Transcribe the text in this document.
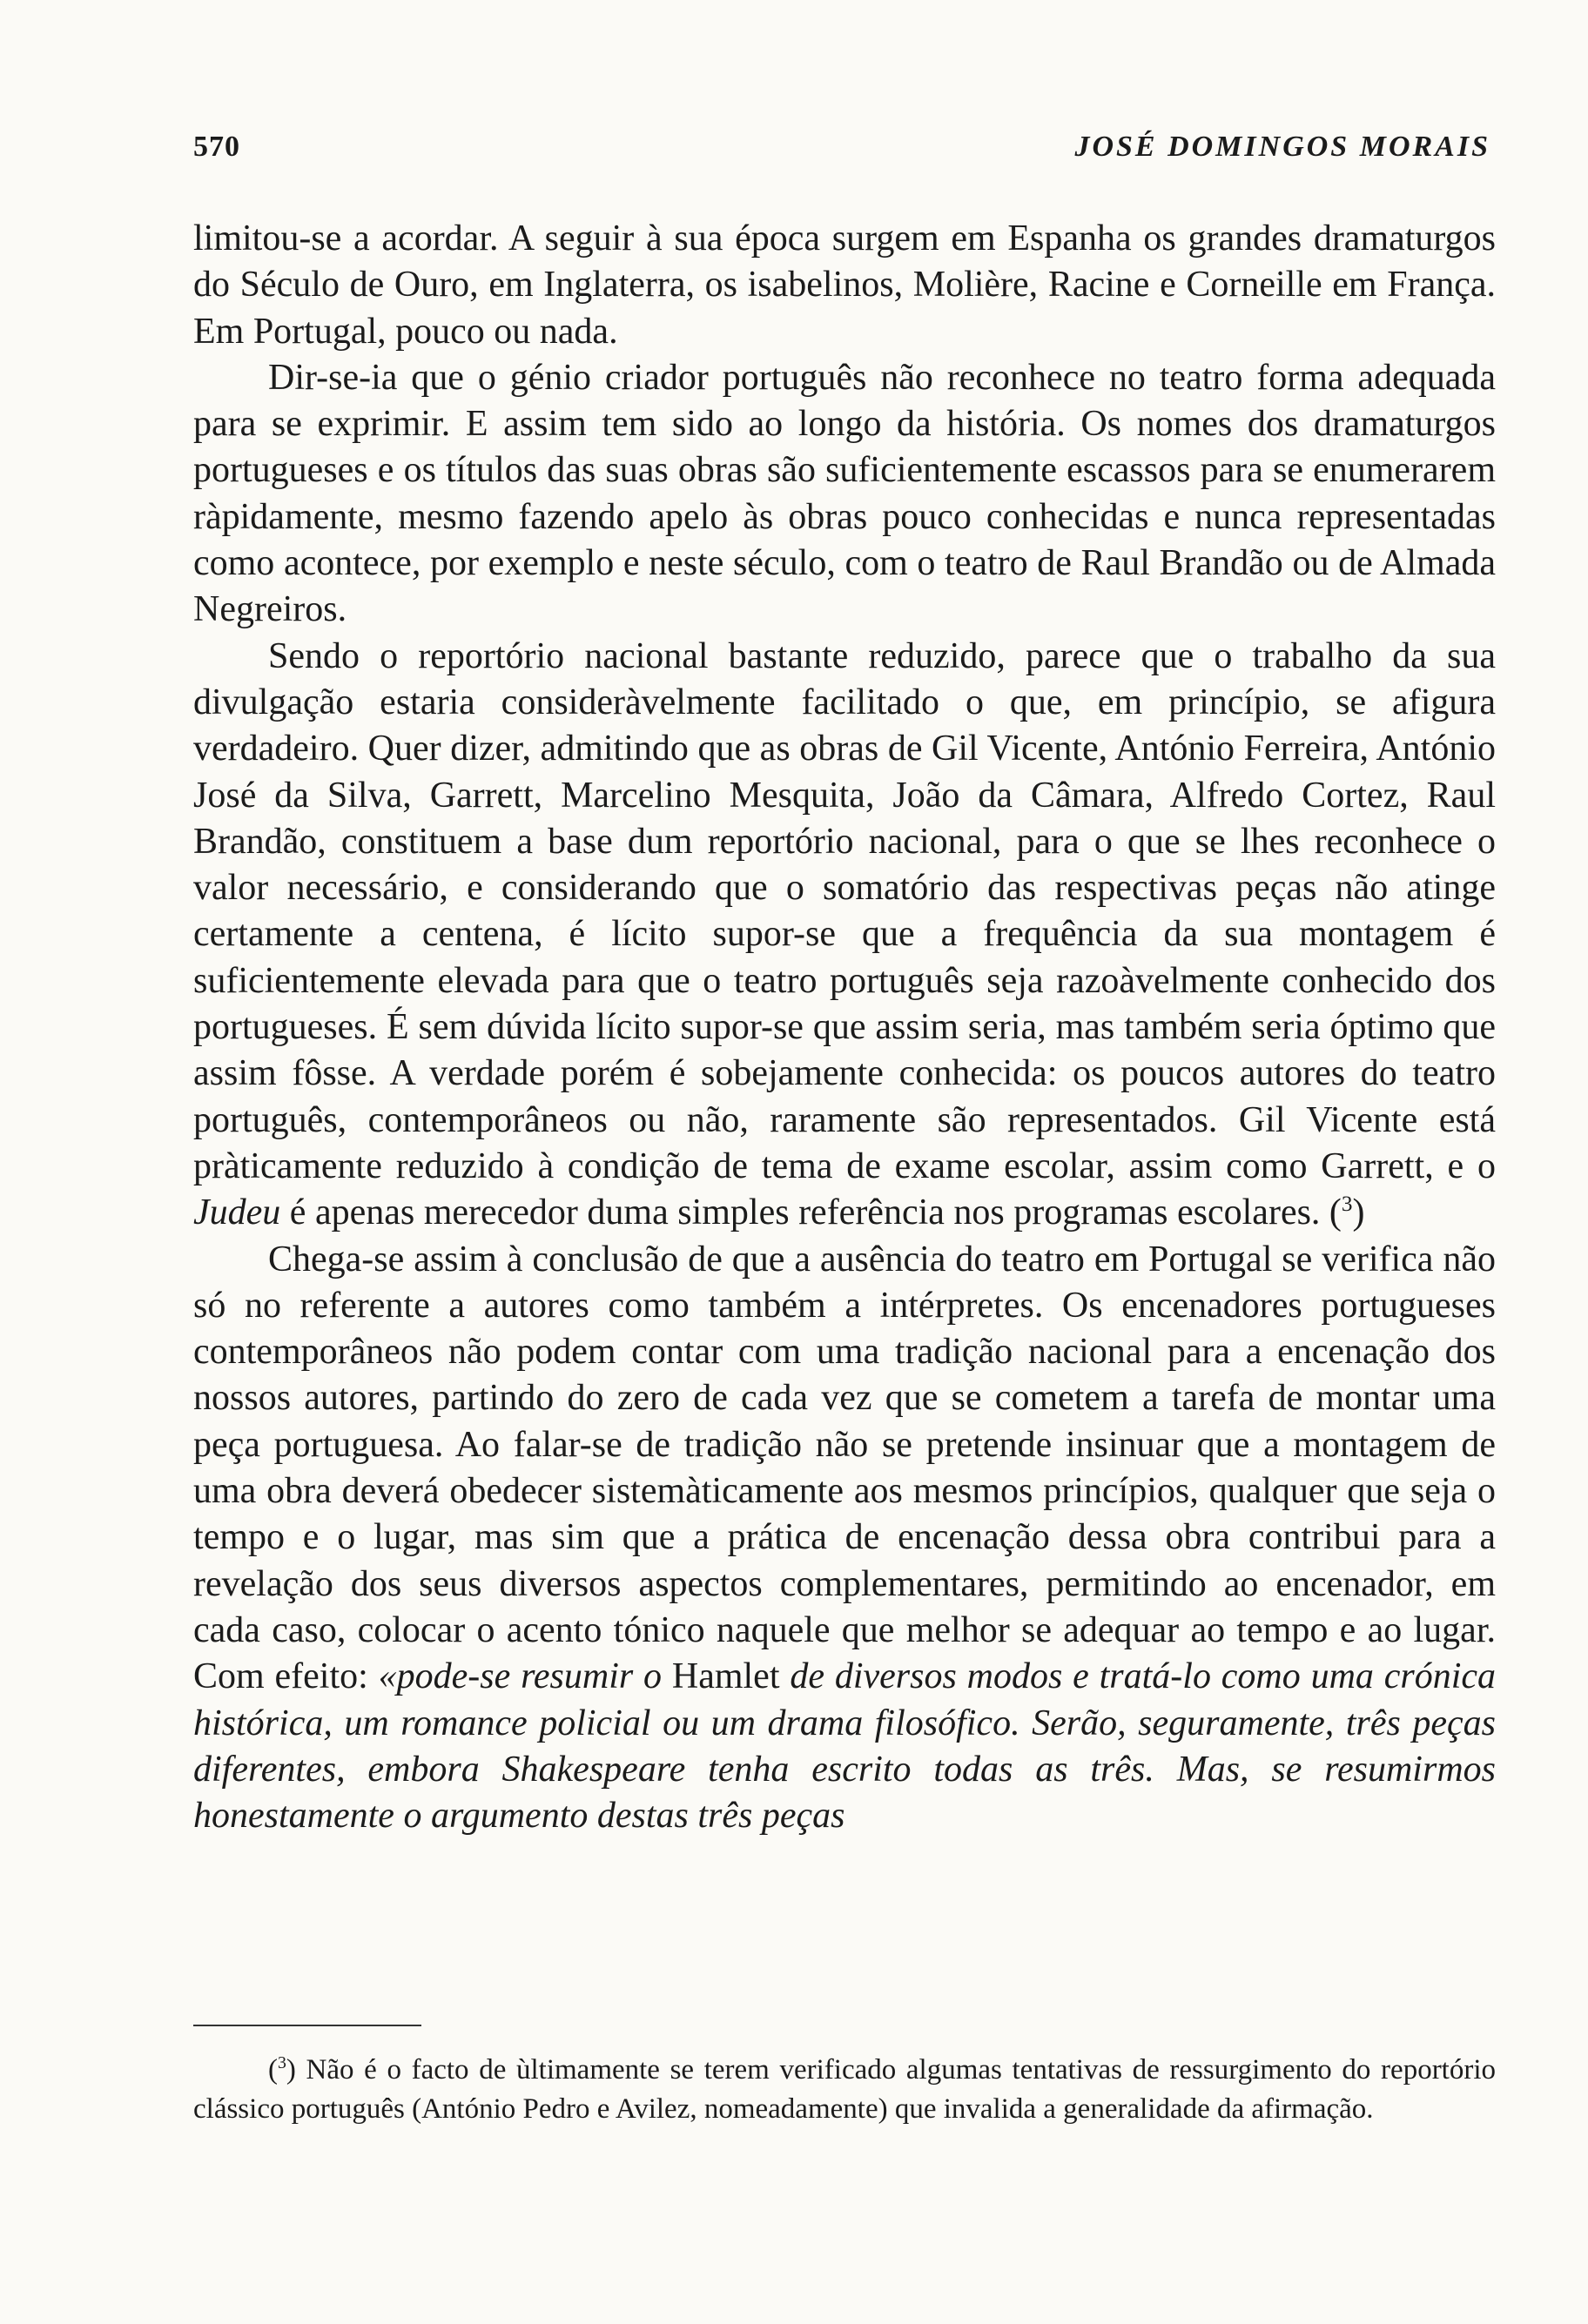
570	JOSÉ DOMINGOS MORAIS

limitou-se a acordar. A seguir à sua época surgem em Espanha os grandes dramaturgos do Século de Ouro, em Inglaterra, os isabelinos, Molière, Racine e Corneille em França. Em Portugal, pouco ou nada.

Dir-se-ia que o génio criador português não reconhece no teatro forma adequada para se exprimir. E assim tem sido ao longo da história. Os nomes dos dramaturgos portugueses e os títulos das suas obras são suficientemente escassos para se enumerarem ràpidamente, mesmo fazendo apelo às obras pouco conhecidas e nunca representadas como acontece, por exemplo e neste século, com o teatro de Raul Brandão ou de Almada Negreiros.

Sendo o reportório nacional bastante reduzido, parece que o trabalho da sua divulgação estaria consideràvelmente facilitado o que, em princípio, se afigura verdadeiro. Quer dizer, admitindo que as obras de Gil Vicente, António Ferreira, António José da Silva, Garrett, Marcelino Mesquita, João da Câmara, Alfredo Cortez, Raul Brandão, constituem a base dum reportório nacional, para o que se lhes reconhece o valor necessário, e considerando que o somatório das respectivas peças não atinge certamente a centena, é lícito supor-se que a frequência da sua montagem é suficientemente elevada para que o teatro português seja razoàvelmente conhecido dos portugueses. É sem dúvida lícito supor-se que assim seria, mas também seria óptimo que assim fôsse. A verdade porém é sobejamente conhecida: os poucos autores do teatro português, contemporâneos ou não, raramente são representados. Gil Vicente está pràticamente reduzido à condição de tema de exame escolar, assim como Garrett, e o Judeu é apenas merecedor duma simples referência nos programas escolares. ($^3$)

Chega-se assim à conclusão de que a ausência do teatro em Portugal se verifica não só no referente a autores como também a intérpretes. Os encenadores portugueses contemporâneos não podem contar com uma tradição nacional para a encenação dos nossos autores, partindo do zero de cada vez que se cometem a tarefa de montar uma peça portuguesa. Ao falar-se de tradição não se pretende insinuar que a montagem de uma obra deverá obedecer sistemàticamente aos mesmos princípios, qualquer que seja o tempo e o lugar, mas sim que a prática de encenação dessa obra contribui para a revelação dos seus diversos aspectos complementares, permitindo ao encenador, em cada caso, colocar o acento tónico naquele que melhor se adequar ao tempo e ao lugar. Com efeito: «pode-se resumir o Hamlet de diversos modos e tratá-lo como uma crónica histórica, um romance policial ou um drama filosófico. Serão, seguramente, três peças diferentes, embora Shakespeare tenha escrito todas as três. Mas, se resumirmos honestamente o argumento destas três peças

($^3$) Não é o facto de ùltimamente se terem verificado algumas tentativas de ressurgimento do reportório clássico português (António Pedro e Avilez, nomeadamente) que invalida a generalidade da afirmação.
